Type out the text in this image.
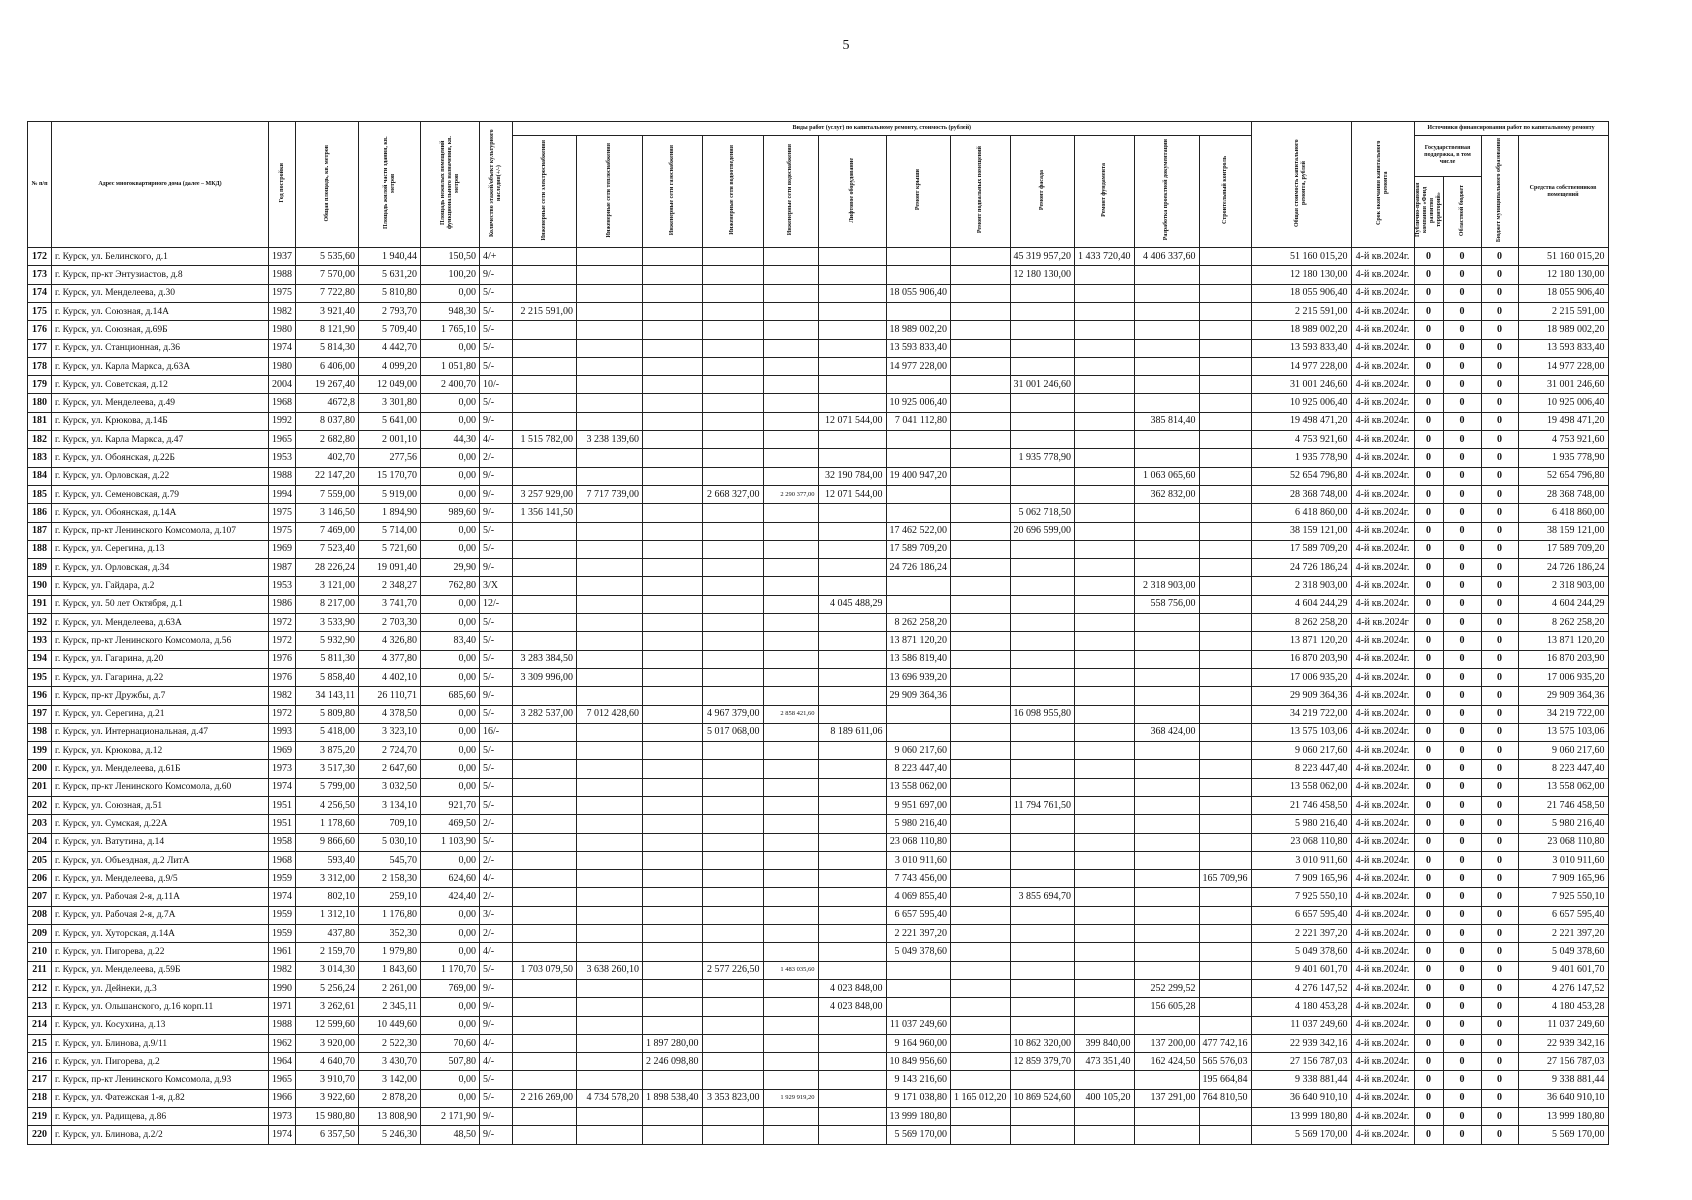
5
№ п/п	Адрес многоквартирного дома (далее – МКД)	Год постройки	Общая площадь, кв. метров	Площадь жилой части здания, кв. метров	Площадь нежилых помещений функционального назначения, кв. метров	Количество этажей/объект культурного наследия(+/-)	Виды работ (услуг) по капитальному ремонту, стоимость (рублей)												Общая стоимость капитального ремонта, рублей	Срок окончания капитального ремонта	Источники финансирования работ по капитальному ремонту			
							Инженерные сети электроснабжения	Инженерные сети теплоснабжения	Инженерные сети газоснабжения	Инженерные сети водоотведения	Инженерные сети водоснабжения	Лифтовое оборудование	Ремонт крыши	Ремонт подвальных помещений	Ремонт фасада	Ремонт фундамента	Разработка проектной документации	Строительный контроль			Государственная поддержка, в том числе		Бюджет муниципального образования	Средства собственников помещений
																					Публично-правовая компания «Фонд развития территорий»	Областной бюджет		
172	г. Курск, ул. Белинского, д.1	1937	5 535,60	1 940,44	150,50	4/+									45 319 957,20	1 433 720,40	4 406 337,60		51 160 015,20	4-й кв.2024г.	0	0	0	51 160 015,20
173	г. Курск, пр-кт Энтузиастов, д.8	1988	7 570,00	5 631,20	100,20	9/-									12 180 130,00				12 180 130,00	4-й кв.2024г.	0	0	0	12 180 130,00
174	г. Курск, ул. Менделеева, д.30	1975	7 722,80	5 810,80	0,00	5/-							18 055 906,40						18 055 906,40	4-й кв.2024г.	0	0	0	18 055 906,40
175	г. Курск, ул. Союзная, д.14А	1982	3 921,40	2 793,70	948,30	5/-	2 215 591,00												2 215 591,00	4-й кв.2024г.	0	0	0	2 215 591,00
176	г. Курск, ул. Союзная, д.69Б	1980	8 121,90	5 709,40	1 765,10	5/-							18 989 002,20						18 989 002,20	4-й кв.2024г.	0	0	0	18 989 002,20
177	г. Курск, ул. Станционная, д.36	1974	5 814,30	4 442,70	0,00	5/-							13 593 833,40						13 593 833,40	4-й кв.2024г.	0	0	0	13 593 833,40
178	г. Курск, ул. Карла Маркса, д.63А	1980	6 406,00	4 099,20	1 051,80	5/-							14 977 228,00						14 977 228,00	4-й кв.2024г.	0	0	0	14 977 228,00
179	г. Курск, ул. Советская, д.12	2004	19 267,40	12 049,00	2 400,70	10/-									31 001 246,60				31 001 246,60	4-й кв.2024г.	0	0	0	31 001 246,60
180	г. Курск, ул. Менделеева, д.49	1968	4672,8	3 301,80	0,00	5/-							10 925 006,40						10 925 006,40	4-й кв.2024г.	0	0	0	10 925 006,40
181	г. Курск, ул. Крюкова, д.14Б	1992	8 037,80	5 641,00	0,00	9/-						12 071 544,00	7 041 112,80				385 814,40		19 498 471,20	4-й кв.2024г.	0	0	0	19 498 471,20
182	г. Курск, ул. Карла Маркса, д.47	1965	2 682,80	2 001,10	44,30	4/-	1 515 782,00	3 238 139,60											4 753 921,60	4-й кв.2024г.	0	0	0	4 753 921,60
183	г. Курск, ул. Обоянская, д.22Б	1953	402,70	277,56	0,00	2/-									1 935 778,90				1 935 778,90	4-й кв.2024г.	0	0	0	1 935 778,90
184	г. Курск, ул. Орловская, д.22	1988	22 147,20	15 170,70	0,00	9/-						32 190 784,00	19 400 947,20				1 063 065,60		52 654 796,80	4-й кв.2024г.	0	0	0	52 654 796,80
185	г. Курск, ул. Семеновская, д.79	1994	7 559,00	5 919,00	0,00	9/-	3 257 929,00	7 717 739,00		2 668 327,00	2 290 377,00	12 071 544,00					362 832,00		28 368 748,00	4-й кв.2024г.	0	0	0	28 368 748,00
186	г. Курск, ул. Обоянская, д.14А	1975	3 146,50	1 894,90	989,60	9/-	1 356 141,50								5 062 718,50				6 418 860,00	4-й кв.2024г.	0	0	0	6 418 860,00
187	г. Курск, пр-кт Ленинского Комсомола, д.107	1975	7 469,00	5 714,00	0,00	5/-							17 462 522,00		20 696 599,00				38 159 121,00	4-й кв.2024г.	0	0	0	38 159 121,00
188	г. Курск, ул. Серегина, д.13	1969	7 523,40	5 721,60	0,00	5/-							17 589 709,20						17 589 709,20	4-й кв.2024г.	0	0	0	17 589 709,20
189	г. Курск, ул. Орловская, д.34	1987	28 226,24	19 091,40	29,90	9/-							24 726 186,24						24 726 186,24	4-й кв.2024г.	0	0	0	24 726 186,24
190	г. Курск, ул. Гайдара, д.2	1953	3 121,00	2 348,27	762,80	3/X											2 318 903,00		2 318 903,00	4-й кв.2024г.	0	0	0	2 318 903,00
191	г. Курск, ул. 50 лет Октября, д.1	1986	8 217,00	3 741,70	0,00	12/-						4 045 488,29					558 756,00		4 604 244,29	4-й кв.2024г.	0	0	0	4 604 244,29
192	г. Курск, ул. Менделеева, д.63А	1972	3 533,90	2 703,30	0,00	5/-							8 262 258,20						8 262 258,20	4-й кв.2024г	0	0	0	8 262 258,20
193	г. Курск, пр-кт Ленинского Комсомола, д.56	1972	5 932,90	4 326,80	83,40	5/-							13 871 120,20						13 871 120,20	4-й кв.2024г.	0	0	0	13 871 120,20
194	г. Курск, ул. Гагарина, д.20	1976	5 811,30	4 377,80	0,00	5/-	3 283 384,50						13 586 819,40						16 870 203,90	4-й кв.2024г.	0	0	0	16 870 203,90
195	г. Курск, ул. Гагарина, д.22	1976	5 858,40	4 402,10	0,00	5/-	3 309 996,00						13 696 939,20						17 006 935,20	4-й кв.2024г.	0	0	0	17 006 935,20
196	г. Курск, пр-кт Дружбы, д.7	1982	34 143,11	26 110,71	685,60	9/-							29 909 364,36						29 909 364,36	4-й кв.2024г.	0	0	0	29 909 364,36
197	г. Курск, ул. Серегина, д.21	1972	5 809,80	4 378,50	0,00	5/-	3 282 537,00	7 012 428,60		4 967 379,00	2 858 421,60				16 098 955,80				34 219 722,00	4-й кв.2024г.	0	0	0	34 219 722,00
198	г. Курск, ул. Интернациональная, д.47	1993	5 418,00	3 323,10	0,00	16/-				5 017 068,00		8 189 611,06					368 424,00		13 575 103,06	4-й кв.2024г.	0	0	0	13 575 103,06
199	г. Курск, ул. Крюкова, д.12	1969	3 875,20	2 724,70	0,00	5/-							9 060 217,60						9 060 217,60	4-й кв.2024г.	0	0	0	9 060 217,60
200	г. Курск, ул. Менделеева, д.61Б	1973	3 517,30	2 647,60	0,00	5/-							8 223 447,40						8 223 447,40	4-й кв.2024г.	0	0	0	8 223 447,40
201	г. Курск, пр-кт Ленинского Комсомола, д.60	1974	5 799,00	3 032,50	0,00	5/-							13 558 062,00						13 558 062,00	4-й кв.2024г.	0	0	0	13 558 062,00
202	г. Курск, ул. Союзная, д.51	1951	4 256,50	3 134,10	921,70	5/-							9 951 697,00		11 794 761,50				21 746 458,50	4-й кв.2024г.	0	0	0	21 746 458,50
203	г. Курск, ул. Сумская, д.22А	1951	1 178,60	709,10	469,50	2/-							5 980 216,40						5 980 216,40	4-й кв.2024г.	0	0	0	5 980 216,40
204	г. Курск, ул. Ватутина, д.14	1958	9 866,60	5 030,10	1 103,90	5/-							23 068 110,80						23 068 110,80	4-й кв.2024г.	0	0	0	23 068 110,80
205	г. Курск, ул. Объездная, д.2 ЛитА	1968	593,40	545,70	0,00	2/-							3 010 911,60						3 010 911,60	4-й кв.2024г.	0	0	0	3 010 911,60
206	г. Курск, ул. Менделеева, д.9/5	1959	3 312,00	2 158,30	624,60	4/-							7 743 456,00					165 709,96	7 909 165,96	4-й кв.2024г.	0	0	0	7 909 165,96
207	г. Курск, ул. Рабочая 2-я, д.11А	1974	802,10	259,10	424,40	2/-							4 069 855,40		3 855 694,70				7 925 550,10	4-й кв.2024г.	0	0	0	7 925 550,10
208	г. Курск, ул. Рабочая 2-я, д.7А	1959	1 312,10	1 176,80	0,00	3/-							6 657 595,40						6 657 595,40	4-й кв.2024г.	0	0	0	6 657 595,40
209	г. Курск, ул. Хуторская, д.14А	1959	437,80	352,30	0,00	2/-							2 221 397,20						2 221 397,20	4-й кв.2024г.	0	0	0	2 221 397,20
210	г. Курск, ул. Пигорева, д.22	1961	2 159,70	1 979,80	0,00	4/-							5 049 378,60						5 049 378,60	4-й кв.2024г.	0	0	0	5 049 378,60
211	г. Курск, ул. Менделеева, д.59Б	1982	3 014,30	1 843,60	1 170,70	5/-	1 703 079,50	3 638 260,10		2 577 226,50	1 483 035,60								9 401 601,70	4-й кв.2024г.	0	0	0	9 401 601,70
212	г. Курск, ул. Дейнеки, д.3	1990	5 256,24	2 261,00	769,00	9/-						4 023 848,00					252 299,52		4 276 147,52	4-й кв.2024г.	0	0	0	4 276 147,52
213	г. Курск, ул. Ольшанского, д.16 корп.11	1971	3 262,61	2 345,11	0,00	9/-						4 023 848,00					156 605,28		4 180 453,28	4-й кв.2024г.	0	0	0	4 180 453,28
214	г. Курск, ул. Косухина, д.13	1988	12 599,60	10 449,60	0,00	9/-							11 037 249,60						11 037 249,60	4-й кв.2024г.	0	0	0	11 037 249,60
215	г. Курск, ул. Блинова, д.9/11	1962	3 920,00	2 522,30	70,60	4/-			1 897 280,00				9 164 960,00		10 862 320,00	399 840,00	137 200,00	477 742,16	22 939 342,16	4-й кв.2024г.	0	0	0	22 939 342,16
216	г. Курск, ул. Пигорева, д.2	1964	4 640,70	3 430,70	507,80	4/-			2 246 098,80				10 849 956,60		12 859 379,70	473 351,40	162 424,50	565 576,03	27 156 787,03	4-й кв.2024г.	0	0	0	27 156 787,03
217	г. Курск, пр-кт Ленинского Комсомола, д.93	1965	3 910,70	3 142,00	0,00	5/-							9 143 216,60					195 664,84	9 338 881,44	4-й кв.2024г.	0	0	0	9 338 881,44
218	г. Курск, ул. Фатежская 1-я, д.82	1966	3 922,60	2 878,20	0,00	5/-	2 216 269,00	4 734 578,20	1 898 538,40	3 353 823,00	1 929 919,20		9 171 038,80	1 165 012,20	10 869 524,60	400 105,20	137 291,00	764 810,50	36 640 910,10	4-й кв.2024г.	0	0	0	36 640 910,10
219	г. Курск, ул. Радищева, д.86	1973	15 980,80	13 808,90	2 171,90	9/-							13 999 180,80						13 999 180,80	4-й кв.2024г.	0	0	0	13 999 180,80
220	г. Курск, ул. Блинова, д.2/2	1974	6 357,50	5 246,30	48,50	9/-							5 569 170,00						5 569 170,00	4-й кв.2024г.	0	0	0	5 569 170,00
